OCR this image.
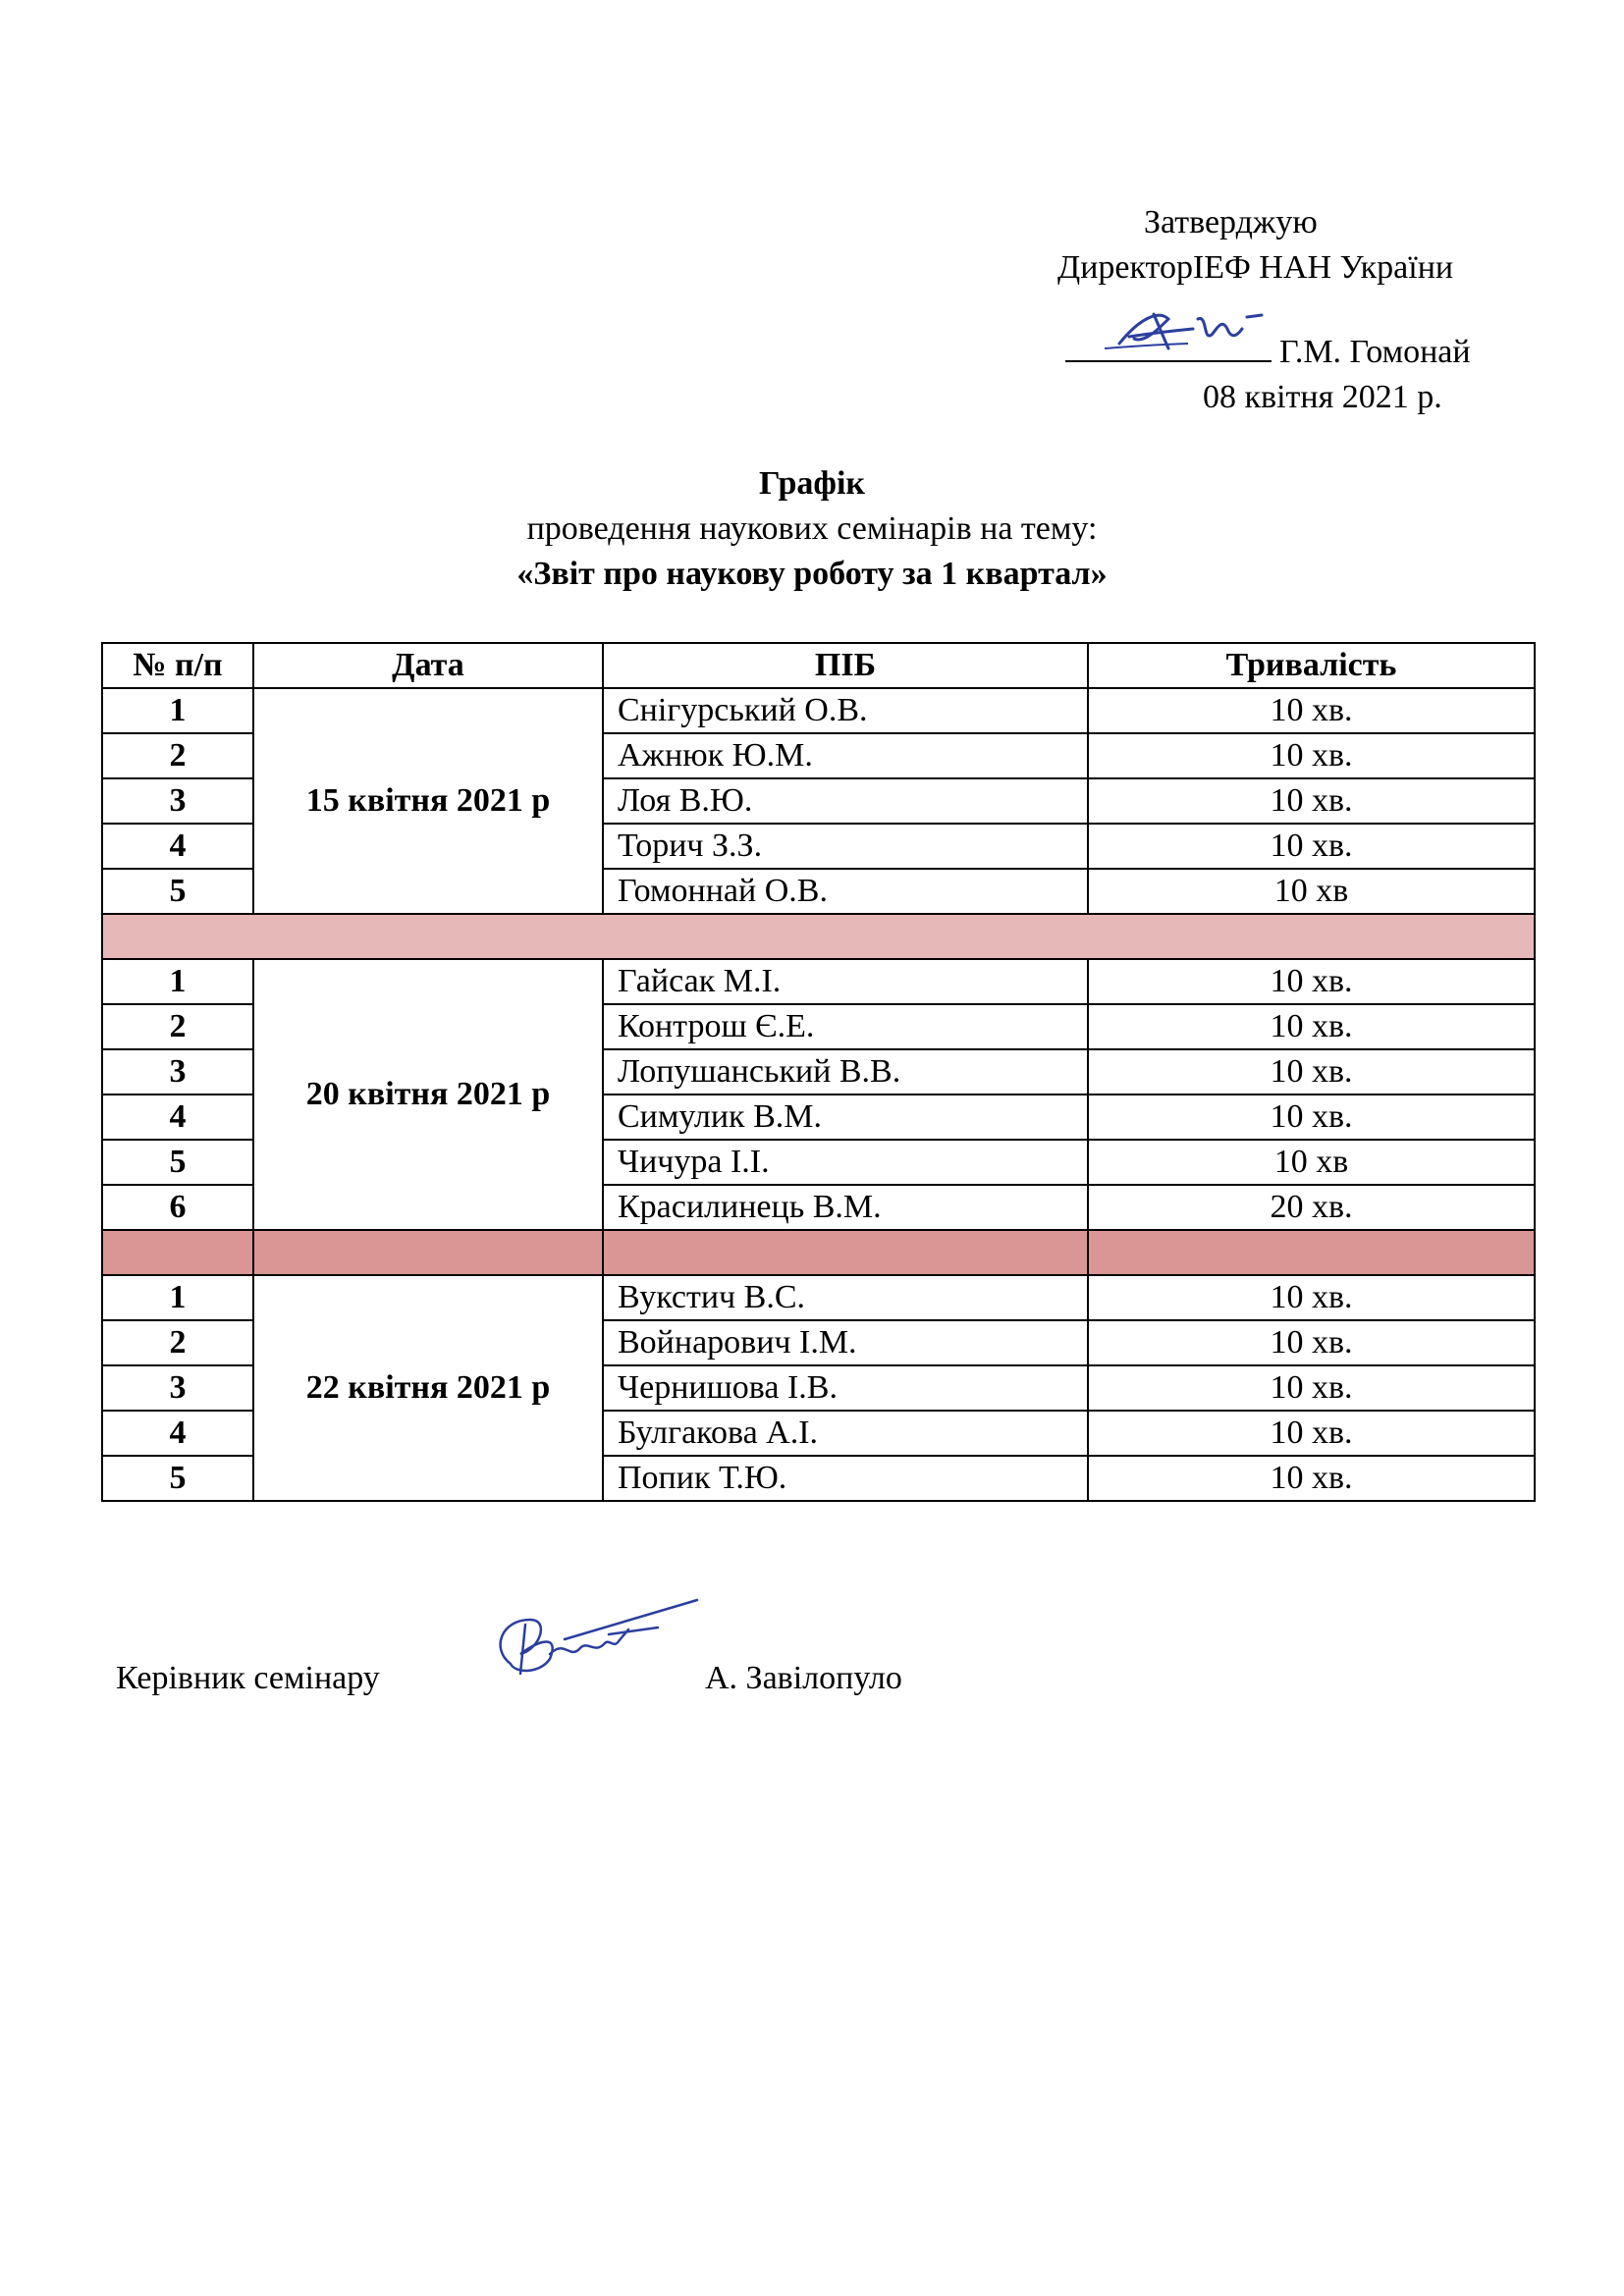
Затверджую
ДиректорІЕФ НАН України
Г.М. Гомонай
08 квітня 2021 р.
Графік
проведення наукових семінарів на тему:
«Звіт про наукову роботу за 1 квартал»
№ п/п	Дата	ПІБ	Тривалість
1	15 квітня 2021 р	Снігурський О.В.	10 хв.
2		Ажнюк Ю.М.	10 хв.
3		Лоя В.Ю.	10 хв.
4		Торич З.З.	10 хв.
5		Гомоннай О.В.	10 хв

1	20 квітня 2021 р	Гайсак М.І.	10 хв.
2		Контрош Є.Е.	10 хв.
3		Лопушанський В.В.	10 хв.
4		Симулик В.М.	10 хв.
5		Чичура І.І.	10 хв
6		Красилинець В.М.	20 хв.

1	22 квітня 2021 р	Вукстич В.С.	10 хв.
2		Войнарович І.М.	10 хв.
3		Чернишова І.В.	10 хв.
4		Булгакова А.І.	10 хв.
5		Попик Т.Ю.	10 хв.
Керівник семінару	А. Завілопуло
